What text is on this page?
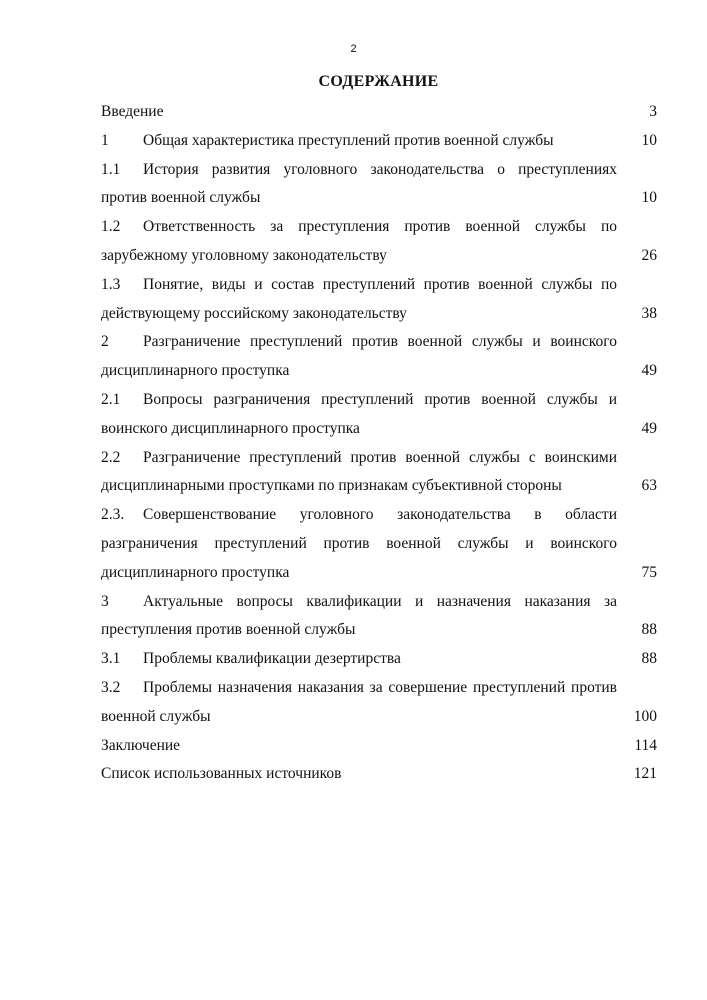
2
СОДЕРЖАНИЕ
Введение	3
1 Общая характеристика преступлений против военной службы	10
1.1 История развития уголовного законодательства о преступлениях против военной службы	10
1.2 Ответственность за преступления против военной службы по зарубежному уголовному законодательству	26
1.3 Понятие, виды и состав преступлений против военной службы по действующему российскому законодательству	38
2 Разграничение преступлений против военной службы и воинского дисциплинарного проступка	49
2.1 Вопросы разграничения преступлений против военной службы и воинского дисциплинарного проступка	49
2.2 Разграничение преступлений против военной службы с воинскими дисциплинарными проступками по признакам субъективной стороны	63
2.3. Совершенствование уголовного законодательства в области разграничения преступлений против военной службы и воинского дисциплинарного проступка	75
3 Актуальные вопросы квалификации и назначения наказания за преступления против военной службы	88
3.1 Проблемы квалификации дезертирства	88
3.2 Проблемы назначения наказания за совершение преступлений против военной службы	100
Заключение	114
Список использованных источников	121
